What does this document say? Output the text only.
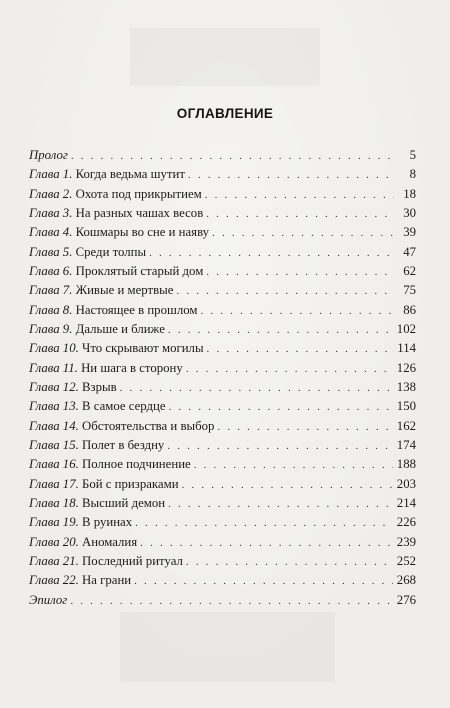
ОГЛАВЛЕНИЕ
Пролог . . .	5
Глава 1. Когда ведьма шутит . . .	8
Глава 2. Охота под прикрытием . . .	18
Глава 3. На разных чашах весов . . .	30
Глава 4. Кошмары во сне и наяву . . .	39
Глава 5. Среди толпы . . .	47
Глава 6. Проклятый старый дом . . .	62
Глава 7. Живые и мертвые . . .	75
Глава 8. Настоящее в прошлом . . .	86
Глава 9. Дальше и ближе . . .	102
Глава 10. Что скрывают могилы . . .	114
Глава 11. Ни шага в сторону . . .	126
Глава 12. Взрыв . . .	138
Глава 13. В самое сердце . . .	150
Глава 14. Обстоятельства и выбор . . .	162
Глава 15. Полет в бездну . . .	174
Глава 16. Полное подчинение . . .	188
Глава 17. Бой с призраками . . .	203
Глава 18. Высший демон . . .	214
Глава 19. В руинах . . .	226
Глава 20. Аномалия . . .	239
Глава 21. Последний ритуал . . .	252
Глава 22. На грани . . .	268
Эпилог . . .	276
